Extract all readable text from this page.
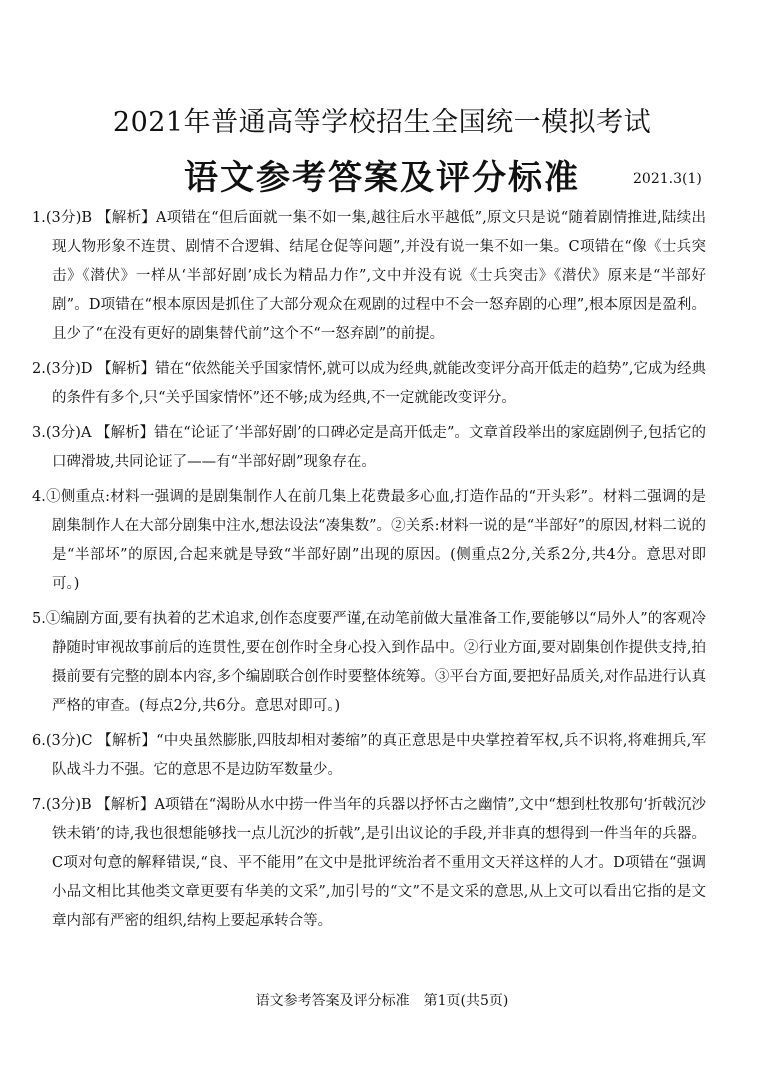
2021年普通高等学校招生全国统一模拟考试
语文参考答案及评分标准	2021.3(1)
1.(3分)B 【解析】A项错在“但后面就一集不如一集,越往后水平越低”,原文只是说“随着剧情推进,陆续出现人物形象不连贯、剧情不合逻辑、结尾仓促等问题”,并没有说一集不如一集。C项错在“像《士兵突击》《潜伏》一样从‘半部好剧’成长为精品力作”,文中并没有说《士兵突击》《潜伏》原来是“半部好剧”。D项错在“根本原因是抓住了大部分观众在观剧的过程中不会一怒弃剧的心理”,根本原因是盈利。且少了“在没有更好的剧集替代前”这个不“一怒弃剧”的前提。
2.(3分)D 【解析】错在“依然能关乎国家情怀,就可以成为经典,就能改变评分高开低走的趋势”,它成为经典的条件有多个,只“关乎国家情怀”还不够;成为经典,不一定就能改变评分。
3.(3分)A 【解析】错在“论证了‘半部好剧’的口碑必定是高开低走”。文章首段举出的家庭剧例子,包括它的口碑滑坡,共同论证了——有“半部好剧”现象存在。
4.①侧重点:材料一强调的是剧集制作人在前几集上花费最多心血,打造作品的“开头彩”。材料二强调的是剧集制作人在大部分剧集中注水,想法设法“凑集数”。②关系:材料一说的是“半部好”的原因,材料二说的是“半部坏”的原因,合起来就是导致“半部好剧”出现的原因。(侧重点2分,关系2分,共4分。意思对即可。)
5.①编剧方面,要有执着的艺术追求,创作态度要严谨,在动笔前做大量准备工作,要能够以“局外人”的客观冷静随时审视故事前后的连贯性,要在创作时全身心投入到作品中。②行业方面,要对剧集创作提供支持,拍摄前要有完整的剧本内容,多个编剧联合创作时要整体统筹。③平台方面,要把好品质关,对作品进行认真严格的审查。(每点2分,共6分。意思对即可。)
6.(3分)C 【解析】“中央虽然膨胀,四肢却相对萎缩”的真正意思是中央掌控着军权,兵不识将,将难拥兵,军队战斗力不强。它的意思不是边防军数量少。
7.(3分)B 【解析】A项错在“渴盼从水中捞一件当年的兵器以抒怀古之幽情”,文中“想到杜牧那句‘折戟沉沙铁未销’的诗,我也很想能够找一点儿沉沙的折戟”,是引出议论的手段,并非真的想得到一件当年的兵器。C项对句意的解释错误,“良、平不能用”在文中是批评统治者不重用文天祥这样的人才。D项错在“强调小品文相比其他类文章更要有华美的文采”,加引号的“文”不是文采的意思,从上文可以看出它指的是文章内部有严密的组织,结构上要起承转合等。
语文参考答案及评分标准　第1页(共5页)
